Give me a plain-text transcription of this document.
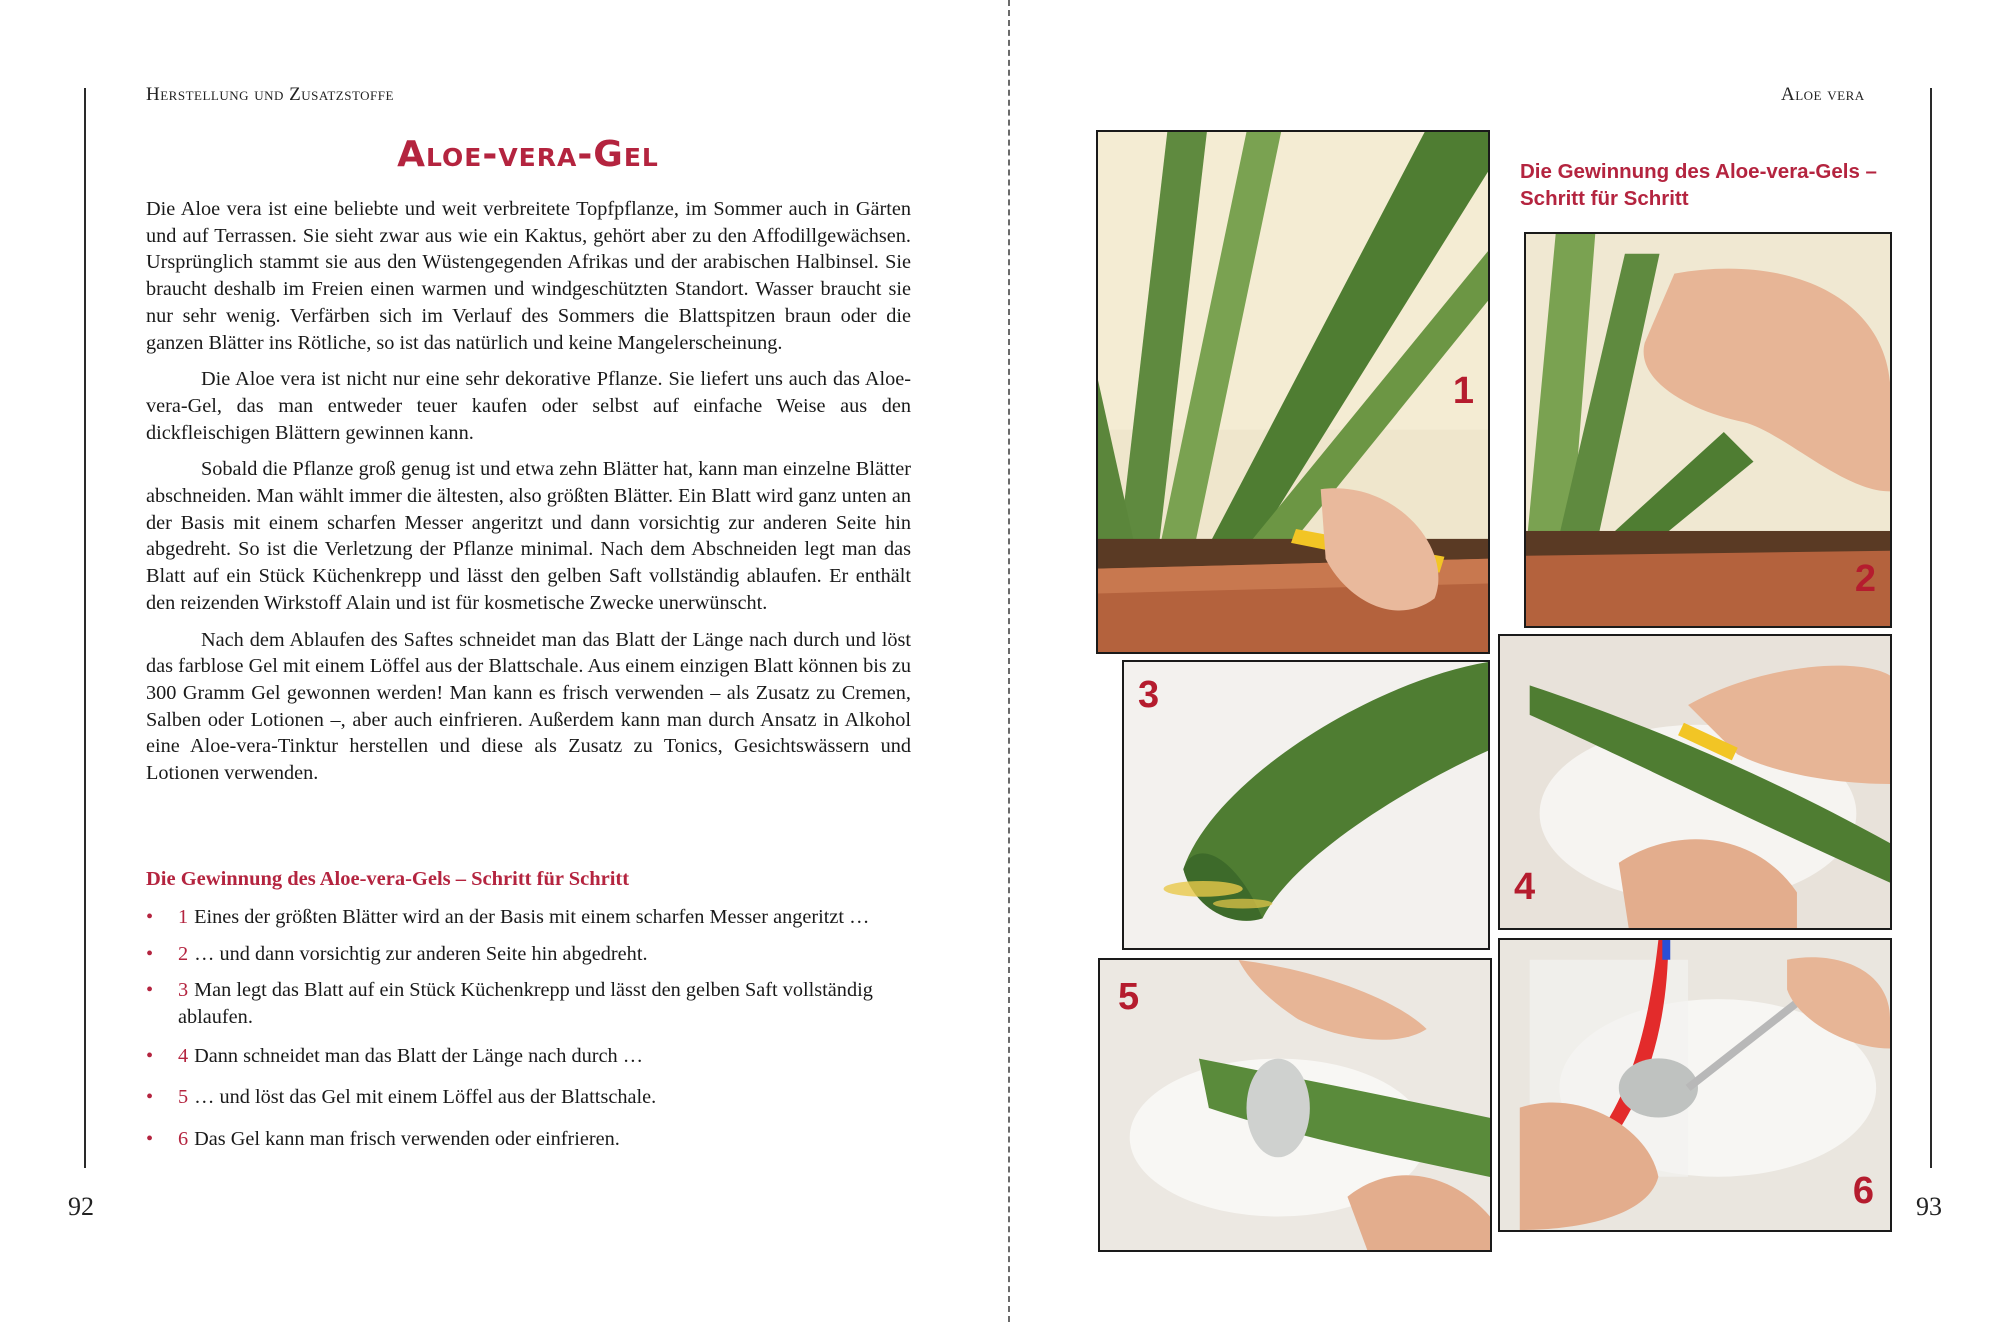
Herstellung und Zusatzstoffe
Aloe-vera-Gel

Die Aloe vera ist eine beliebte und weit verbreitete Topfpflanze, im Sommer auch in Gärten und auf Terrassen. Sie sieht zwar aus wie ein Kaktus, gehört aber zu den Affodillgewächsen. Ursprünglich stammt sie aus den Wüstengegenden Afrikas und der arabischen Halbinsel. Sie braucht deshalb im Freien einen warmen und windgeschützten Standort. Wasser braucht sie nur sehr wenig. Verfärben sich im Verlauf des Sommers die Blattspitzen braun oder die ganzen Blätter ins Rötliche, so ist das natürlich und keine Mangelerscheinung.

Die Aloe vera ist nicht nur eine sehr dekorative Pflanze. Sie liefert uns auch das Aloe-vera-Gel, das man entweder teuer kaufen oder selbst auf einfache Weise aus den dickfleischigen Blättern gewinnen kann.

Sobald die Pflanze groß genug ist und etwa zehn Blätter hat, kann man einzelne Blätter abschneiden. Man wählt immer die ältesten, also größten Blätter. Ein Blatt wird ganz unten an der Basis mit einem scharfen Messer angeritzt und dann vorsichtig zur anderen Seite hin abgedreht. So ist die Verletzung der Pflanze minimal. Nach dem Abschneiden legt man das Blatt auf ein Stück Küchenkrepp und lässt den gelben Saft vollständig ablaufen. Er enthält den reizenden Wirkstoff Alain und ist für kosmetische Zwecke unerwünscht.

Nach dem Ablaufen des Saftes schneidet man das Blatt der Länge nach durch und löst das farblose Gel mit einem Löffel aus der Blattschale. Aus einem einzigen Blatt können bis zu 300 Gramm Gel gewonnen werden! Man kann es frisch verwenden – als Zusatz zu Cremen, Salben oder Lotionen –, aber auch einfrieren. Außerdem kann man durch Ansatz in Alkohol eine Aloe-vera-Tinktur herstellen und diese als Zusatz zu Tonics, Gesichtswässern und Lotionen verwenden.

Die Gewinnung des Aloe-vera-Gels – Schritt für Schritt
• 1 Eines der größten Blätter wird an der Basis mit einem scharfen Messer angeritzt …
• 2 … und dann vorsichtig zur anderen Seite hin abgedreht.
• 3 Man legt das Blatt auf ein Stück Küchenkrepp und lässt den gelben Saft vollständig ablaufen.
• 4 Dann schneidet man das Blatt der Länge nach durch …
• 5 … und löst das Gel mit einem Löffel aus der Blattschale.
• 6 Das Gel kann man frisch verwenden oder einfrieren.
92
Aloe vera
93
Die Gewinnung des Aloe-vera-Gels –
Schritt für Schritt
1
2
3
4
5
6
